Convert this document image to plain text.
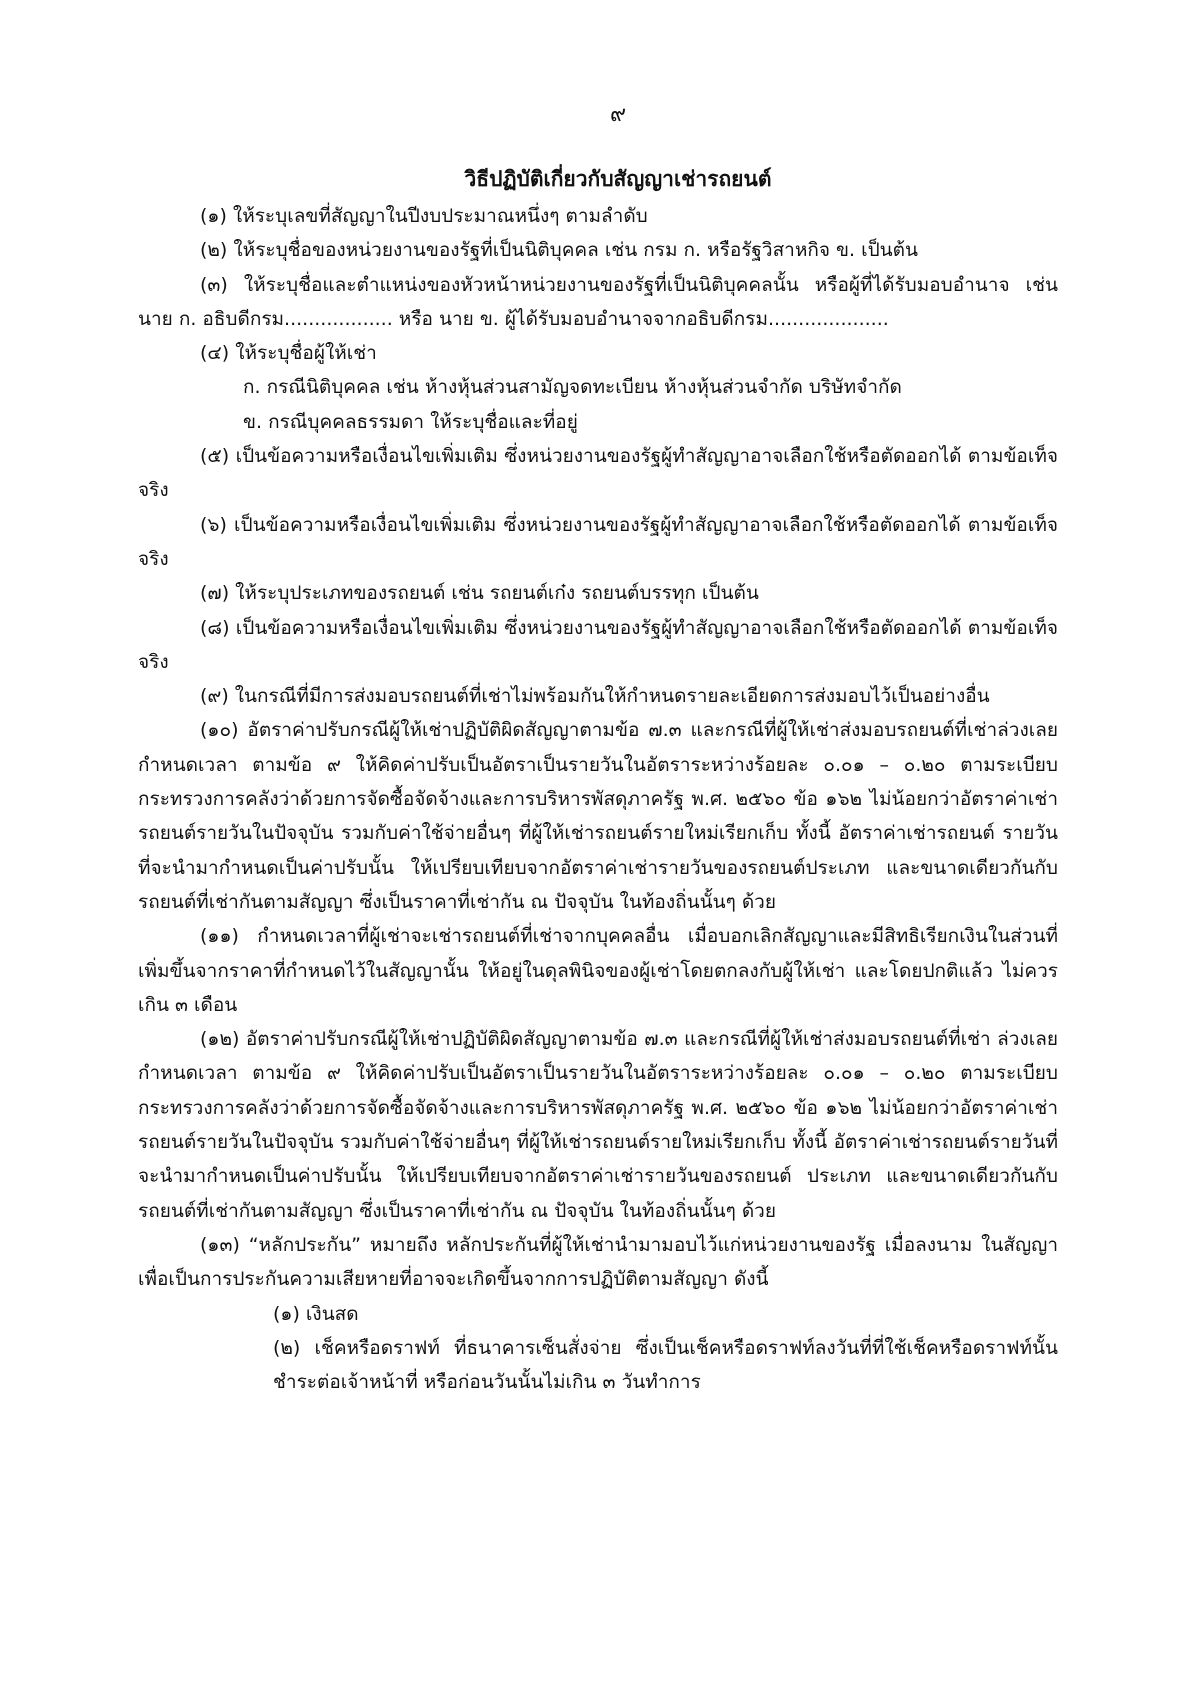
๙
วิธีปฏิบัติเกี่ยวกับสัญญาเช่ารถยนต์

(๑) ให้ระบุเลขที่สัญญาในปีงบประมาณหนึ่งๆ ตามลำดับ

(๒) ให้ระบุชื่อของหน่วยงานของรัฐที่เป็นนิติบุคคล เช่น กรม ก. หรือรัฐวิสาหกิจ ข. เป็นต้น

(๓) ให้ระบุชื่อและตำแหน่งของหัวหน้าหน่วยงานของรัฐที่เป็นนิติบุคคลนั้น หรือผู้ที่ได้รับมอบอำนาจ เช่น นาย ก. อธิบดีกรม.................. หรือ นาย ข. ผู้ได้รับมอบอำนาจจากอธิบดีกรม....................

(๔) ให้ระบุชื่อผู้ให้เช่า

ก. กรณีนิติบุคคล เช่น ห้างหุ้นส่วนสามัญจดทะเบียน ห้างหุ้นส่วนจำกัด บริษัทจำกัด

ข. กรณีบุคคลธรรมดา ให้ระบุชื่อและที่อยู่

(๕) เป็นข้อความหรือเงื่อนไขเพิ่มเติม ซึ่งหน่วยงานของรัฐผู้ทำสัญญาอาจเลือกใช้หรือตัดออกได้ ตามข้อเท็จจริง

(๖) เป็นข้อความหรือเงื่อนไขเพิ่มเติม ซึ่งหน่วยงานของรัฐผู้ทำสัญญาอาจเลือกใช้หรือตัดออกได้ ตามข้อเท็จจริง

(๗) ให้ระบุประเภทของรถยนต์ เช่น รถยนต์เก๋ง รถยนต์บรรทุก เป็นต้น

(๘) เป็นข้อความหรือเงื่อนไขเพิ่มเติม ซึ่งหน่วยงานของรัฐผู้ทำสัญญาอาจเลือกใช้หรือตัดออกได้ ตามข้อเท็จจริง

(๙) ในกรณีที่มีการส่งมอบรถยนต์ที่เช่าไม่พร้อมกันให้กำหนดรายละเอียดการส่งมอบไว้เป็นอย่างอื่น

(๑๐) อัตราค่าปรับกรณีผู้ให้เช่าปฏิบัติผิดสัญญาตามข้อ ๗.๓ และกรณีที่ผู้ให้เช่าส่งมอบรถยนต์ที่เช่าล่วงเลย กำหนดเวลา ตามข้อ ๙ ให้คิดค่าปรับเป็นอัตราเป็นรายวันในอัตราระหว่างร้อยละ ๐.๐๑ – ๐.๒๐ ตามระเบียบ กระทรวงการคลังว่าด้วยการจัดซื้อจัดจ้างและการบริหารพัสดุภาครัฐ พ.ศ. ๒๕๖๐ ข้อ ๑๖๒ ไม่น้อยกว่าอัตราค่าเช่า รถยนต์รายวันในปัจจุบัน รวมกับค่าใช้จ่ายอื่นๆ ที่ผู้ให้เช่ารถยนต์รายใหม่เรียกเก็บ ทั้งนี้ อัตราค่าเช่ารถยนต์ รายวันที่จะนำมากำหนดเป็นค่าปรับนั้น ให้เปรียบเทียบจากอัตราค่าเช่ารายวันของรถยนต์ประเภท และขนาดเดียวกันกับรถยนต์ที่เช่ากันตามสัญญา ซึ่งเป็นราคาที่เช่ากัน ณ ปัจจุบัน ในท้องถิ่นนั้นๆ ด้วย

(๑๑) กำหนดเวลาที่ผู้เช่าจะเช่ารถยนต์ที่เช่าจากบุคคลอื่น เมื่อบอกเลิกสัญญาและมีสิทธิเรียกเงินในส่วนที่ เพิ่มขึ้นจากราคาที่กำหนดไว้ในสัญญานั้น ให้อยู่ในดุลพินิจของผู้เช่าโดยตกลงกับผู้ให้เช่า และโดยปกติแล้ว ไม่ควรเกิน ๓ เดือน

(๑๒) อัตราค่าปรับกรณีผู้ให้เช่าปฏิบัติผิดสัญญาตามข้อ ๗.๓ และกรณีที่ผู้ให้เช่าส่งมอบรถยนต์ที่เช่า ล่วงเลยกำหนดเวลา ตามข้อ ๙ ให้คิดค่าปรับเป็นอัตราเป็นรายวันในอัตราระหว่างร้อยละ ๐.๐๑ – ๐.๒๐ ตามระเบียบกระทรวงการคลังว่าด้วยการจัดซื้อจัดจ้างและการบริหารพัสดุภาครัฐ พ.ศ. ๒๕๖๐ ข้อ ๑๖๒ ไม่น้อยกว่าอัตราค่าเช่ารถยนต์รายวันในปัจจุบัน รวมกับค่าใช้จ่ายอื่นๆ ที่ผู้ให้เช่ารถยนต์รายใหม่เรียกเก็บ ทั้งนี้ อัตราค่าเช่ารถยนต์รายวันที่จะนำมากำหนดเป็นค่าปรับนั้น ให้เปรียบเทียบจากอัตราค่าเช่ารายวันของรถยนต์ ประเภท และขนาดเดียวกันกับรถยนต์ที่เช่ากันตามสัญญา ซึ่งเป็นราคาที่เช่ากัน ณ ปัจจุบัน ในท้องถิ่นนั้นๆ ด้วย

(๑๓) “หลักประกัน” หมายถึง หลักประกันที่ผู้ให้เช่านำมามอบไว้แก่หน่วยงานของรัฐ เมื่อลงนาม ในสัญญา เพื่อเป็นการประกันความเสียหายที่อาจจะเกิดขึ้นจากการปฏิบัติตามสัญญา ดังนี้

(๑) เงินสด

(๒) เช็คหรือดราฟท์ ที่ธนาคารเซ็นสั่งจ่าย ซึ่งเป็นเช็คหรือดราฟท์ลงวันที่ที่ใช้เช็คหรือดราฟท์นั้น ชำระต่อเจ้าหน้าที่ หรือก่อนวันนั้นไม่เกิน ๓ วันทำการ
